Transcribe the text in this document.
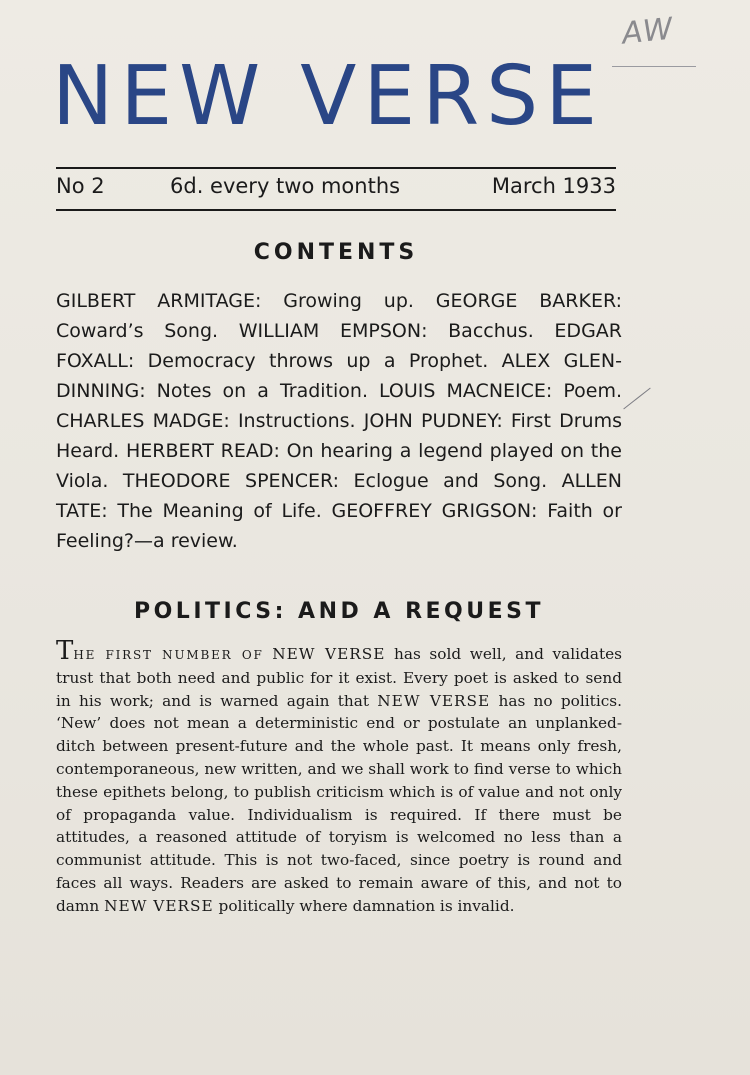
AW
NEW VERSE
No 2	6d. every two months	March 1933
CONTENTS
GILBERT ARMITAGE: Growing up. GEORGE BARKER: Coward’s Song. WILLIAM EMPSON: Bacchus. EDGAR FOXALL: Democracy throws up a Prophet. ALEX GLEN-DINNING: Notes on a Tradition. LOUIS MACNEICE: Poem. CHARLES MADGE: Instructions. JOHN PUDNEY: First Drums Heard. HERBERT READ: On hearing a legend played on the Viola. THEODORE SPENCER: Eclogue and Song. ALLEN TATE: The Meaning of Life. GEOFFREY GRIGSON: Faith or Feeling?—a review.
POLITICS: AND A REQUEST
THE FIRST NUMBER OF NEW VERSE has sold well, and validates trust that both need and public for it exist. Every poet is asked to send in his work; and is warned again that NEW VERSE has no politics. ‘New’ does not mean a deterministic end or postulate an unplanked-ditch between present-future and the whole past. It means only fresh, contemporaneous, new written, and we shall work to find verse to which these epithets belong, to publish criticism which is of value and not only of propaganda value. Individualism is required. If there must be attitudes, a reasoned attitude of toryism is welcomed no less than a communist attitude. This is not two-faced, since poetry is round and faces all ways. Readers are asked to remain aware of this, and not to damn NEW VERSE politically where damnation is invalid.
